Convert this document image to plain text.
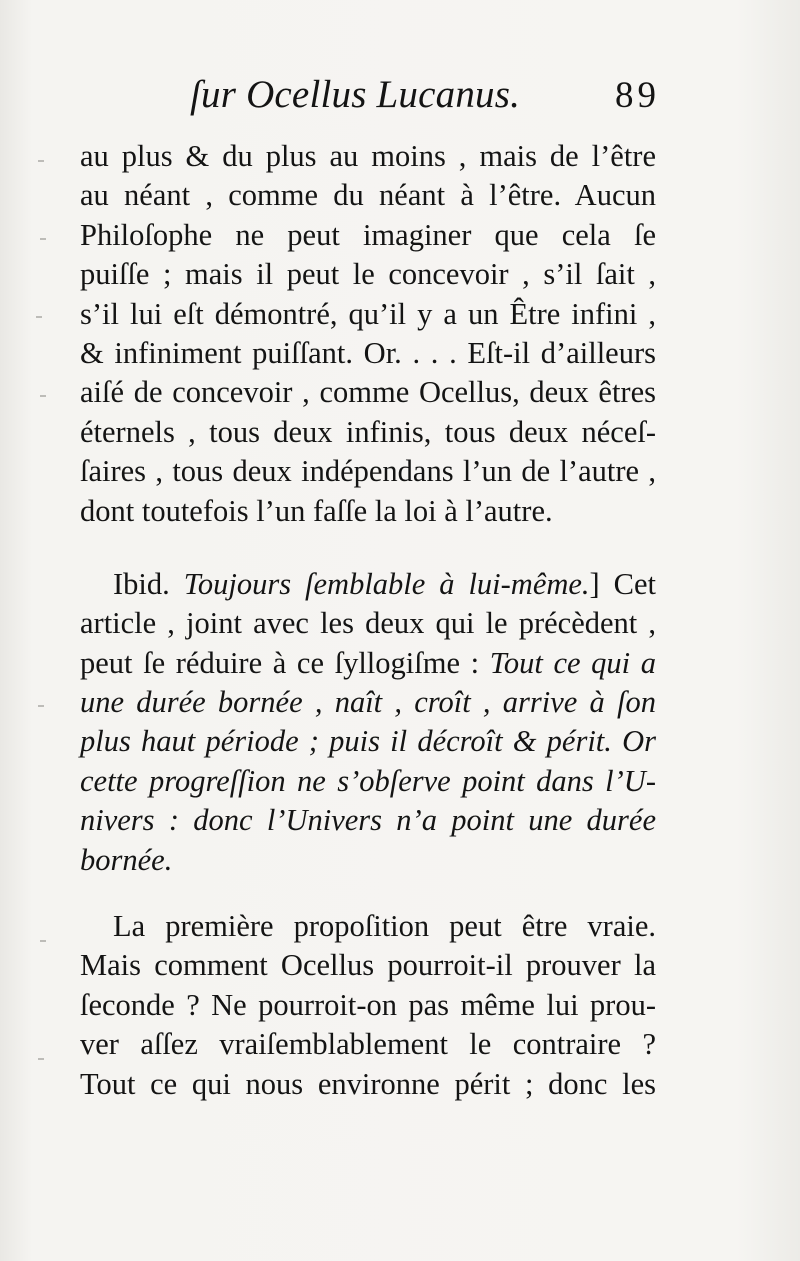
ſur Ocellus Lucanus.	89
au plus & du plus au moins , mais de l’être
au néant , comme du néant à l’être. Aucun
Philoſophe ne peut imaginer que cela ſe
puiſſe ; mais il peut le concevoir , s’il ſait ,
s’il lui eſt démontré, qu’il y a un Être infini ,
& infiniment puiſſant. Or. . . . Eſt-il d’ailleurs
aiſé de concevoir , comme Ocellus, deux êtres
éternels , tous deux infinis, tous deux néceſ-
ſaires , tous deux indépendans l’un de l’autre ,
dont toutefois l’un faſſe la loi à l’autre.
Ibid. Toujours ſemblable à lui-même.] Cet
article , joint avec les deux qui le précèdent ,
peut ſe réduire à ce ſyllogiſme : Tout ce qui a
une durée bornée , naît , croît , arrive à ſon
plus haut période ; puis il décroît & périt. Or
cette progreſſion ne s’obſerve point dans l’U-
nivers : donc l’Univers n’a point une durée
bornée.
La première propoſition peut être vraie.
Mais comment Ocellus pourroit-il prouver la
ſeconde ? Ne pourroit-on pas même lui prou-
ver aſſez vraiſemblablement le contraire ?
Tout ce qui nous environne périt ; donc les
